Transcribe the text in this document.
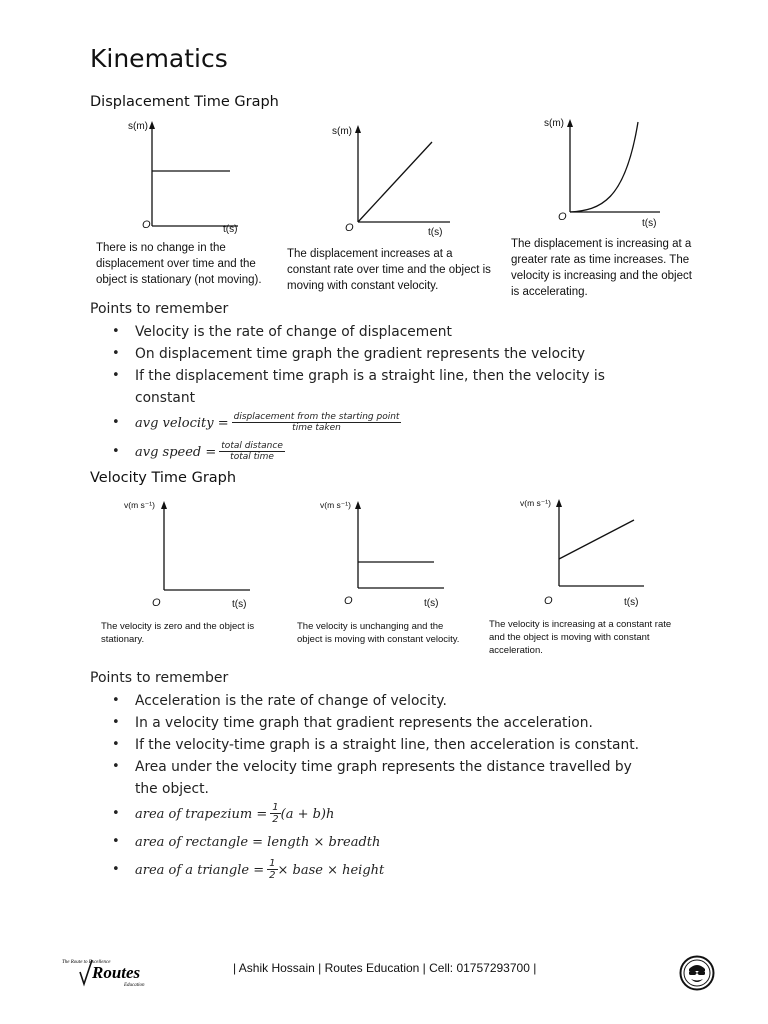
Kinematics
Displacement Time Graph
s(m)
O	t(s)
There is no change in the displacement over time and the object is stationary (not moving).
s(m)
O	t(s)
The displacement increases at a constant rate over time and the object is moving with constant velocity.
s(m)
O
t(s)
The displacement is increasing at a greater rate as time increases. The velocity is increasing and the object is accelerating.
Points to remember
• Velocity is the rate of change of displacement
• On displacement time graph the gradient represents the velocity
• If the displacement time graph is a straight line, then the velocity is constant
• avg velocity = $\frac{\text{displacement from the starting point}}{\text{time taken}}$
• avg speed = $\frac{\text{total distance}}{\text{total time}}$
Velocity Time Graph
v(m s⁻¹)
O	t(s)
The velocity is zero and the object is stationary.
v(m s⁻¹)
O	t(s)
The velocity is unchanging and the object is moving with constant velocity.
v(m s⁻¹)
O	t(s)
The velocity is increasing at a constant rate and the object is moving with constant acceleration.
Points to remember
• Acceleration is the rate of change of velocity.
• In a velocity time graph that gradient represents the acceleration.
• If the velocity-time graph is a straight line, then acceleration is constant.
• Area under the velocity time graph represents the distance travelled by the object.
• area of trapezium = $\frac{1}{2} (a + b)h$
• area of rectangle = length × breadth
• area of a triangle = $\frac{1}{2}$ × base × height
The Route to Excellence
Routes
Education
| Ashik Hossain | Routes Education | Cell: 01757293700 |
